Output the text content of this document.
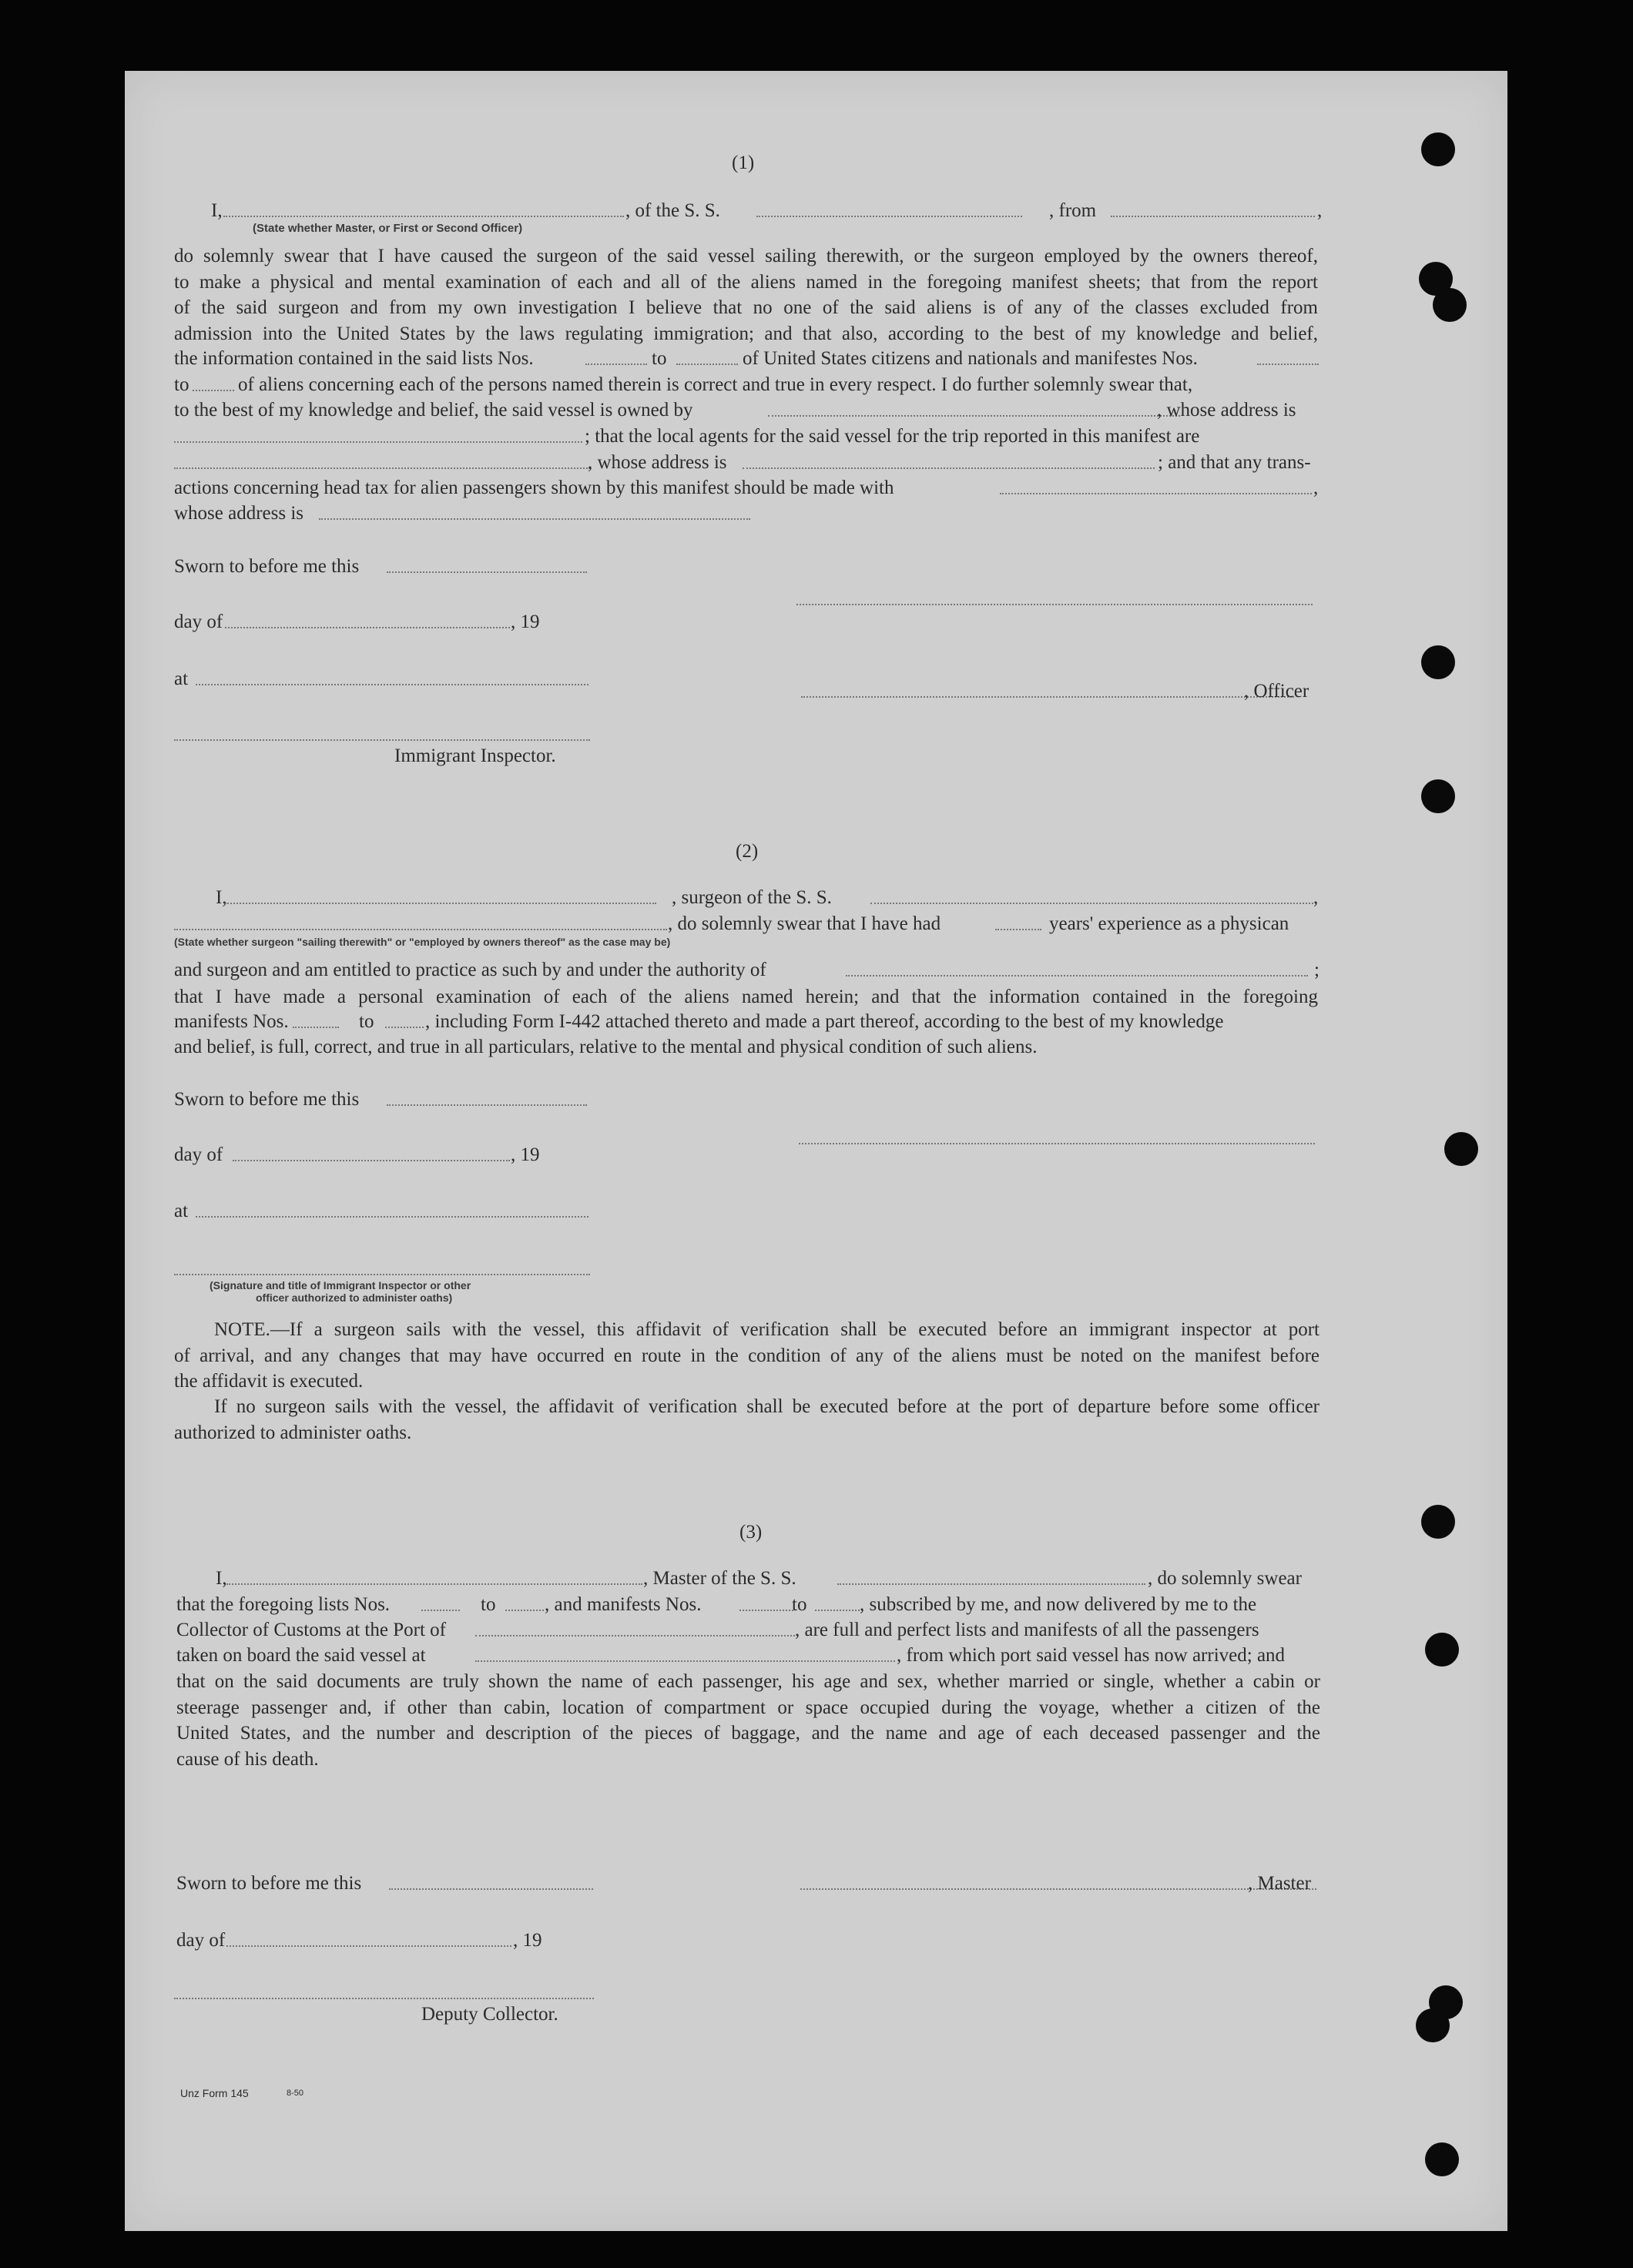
(1)
I,	, of the S. S.	, from	,
(State whether Master, or First or Second Officer)
do solemnly swear that I have caused the surgeon of the said vessel sailing therewith, or the surgeon employed by the owners thereof,
to make a physical and mental examination of each and all of the aliens named in the foregoing manifest sheets; that from the report
of the said surgeon and from my own investigation I believe that no one of the said aliens is of any of the classes excluded from
admission into the United States by the laws regulating immigration; and that also, according to the best of my knowledge and belief,
the information contained in the said lists Nos.	to	of United States citizens and nationals and manifestes Nos.
to	of aliens concerning each of the persons named therein is correct and true in every respect. I do further solemnly swear that,
to the best of my knowledge and belief, the said vessel is owned by	, whose address is
; that the local agents for the said vessel for the trip reported in this manifest are
, whose address is	; and that any trans-
actions concerning head tax for alien passengers shown by this manifest should be made with	,
whose address is
Sworn to before me this
day of	, 19
at
, Officer
Immigrant Inspector.
(2)
I,	, surgeon of the S. S.	,
, do solemnly swear that I have had	years' experience as a physican
(State whether surgeon "sailing therewith" or "employed by owners thereof" as the case may be)
and surgeon and am entitled to practice as such by and under the authority of	;
that I have made a personal examination of each of the aliens named herein; and that the information contained in the foregoing
manifests Nos.	to	, including Form I-442 attached thereto and made a part thereof, according to the best of my knowledge
and belief, is full, correct, and true in all particulars, relative to the mental and physical condition of such aliens.
Sworn to before me this
day of	, 19
at
(Signature and title of Immigrant Inspector or other
officer authorized to administer oaths)
NOTE.—If a surgeon sails with the vessel, this affidavit of verification shall be executed before an immigrant inspector at port
of arrival, and any changes that may have occurred en route in the condition of any of the aliens must be noted on the manifest before
the affidavit is executed.
If no surgeon sails with the vessel, the affidavit of verification shall be executed before at the port of departure before some officer
authorized to administer oaths.
(3)
I,	, Master of the S. S.	, do solemnly swear
that the foregoing lists Nos.	to	, and manifests Nos.	to	, subscribed by me, and now delivered by me to the
Collector of Customs at the Port of	, are full and perfect lists and manifests of all the passengers
taken on board the said vessel at	, from which port said vessel has now arrived; and
that on the said documents are truly shown the name of each passenger, his age and sex, whether married or single, whether a cabin or
steerage passenger and, if other than cabin, location of compartment or space occupied during the voyage, whether a citizen of the
United States, and the number and description of the pieces of baggage, and the name and age of each deceased passenger and the
cause of his death.
Sworn to before me this	, Master
day of	, 19
Deputy Collector.
Unz Form 145	8-50
